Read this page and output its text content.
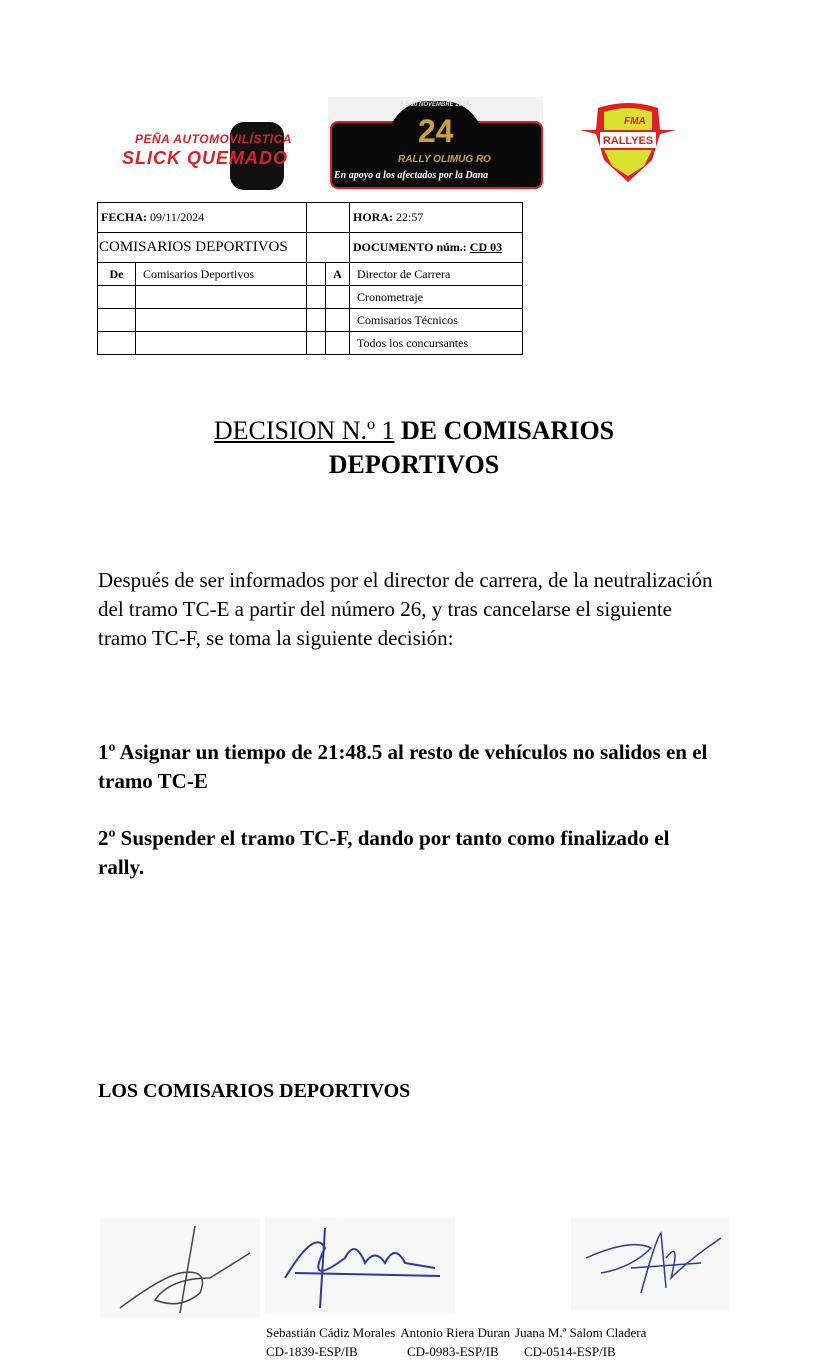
PEÑA AUTOMOVILÍSTICA
SLICK QUEMADO
8-9-10 NOVEMBRE 2024
24
RALLY OLIMUG RO
En apoyo a los afectados por la Dana
FMA
RALLYES
FECHA: 09/11/2024				HORA: 22:57
COMISARIOS DEPORTIVOS				DOCUMENTO núm.: CD 03
De	Comisarios Deportivos		A	Director de Carrera
				Cronometraje
				Comisarios Técnicos
				Todos los concursantes
DECISION N.º 1 DE COMISARIOS
DEPORTIVOS
Después de ser informados por el director de carrera, de la neutralización del tramo TC-E a partir del número 26, y tras cancelarse el siguiente tramo TC-F, se toma la siguiente decisión:
1º Asignar un tiempo de 21:48.5 al resto de vehículos no salidos en el tramo TC-E
2º Suspender el tramo TC-F, dando por tanto como finalizado el rally.
LOS COMISARIOS DEPORTIVOS
Sebastián Cádiz Morales Antonio Riera Duran Juana M.ª Salom Cladera
CD-1839-ESP/IB	CD-0983-ESP/IB	CD-0514-ESP/IB
